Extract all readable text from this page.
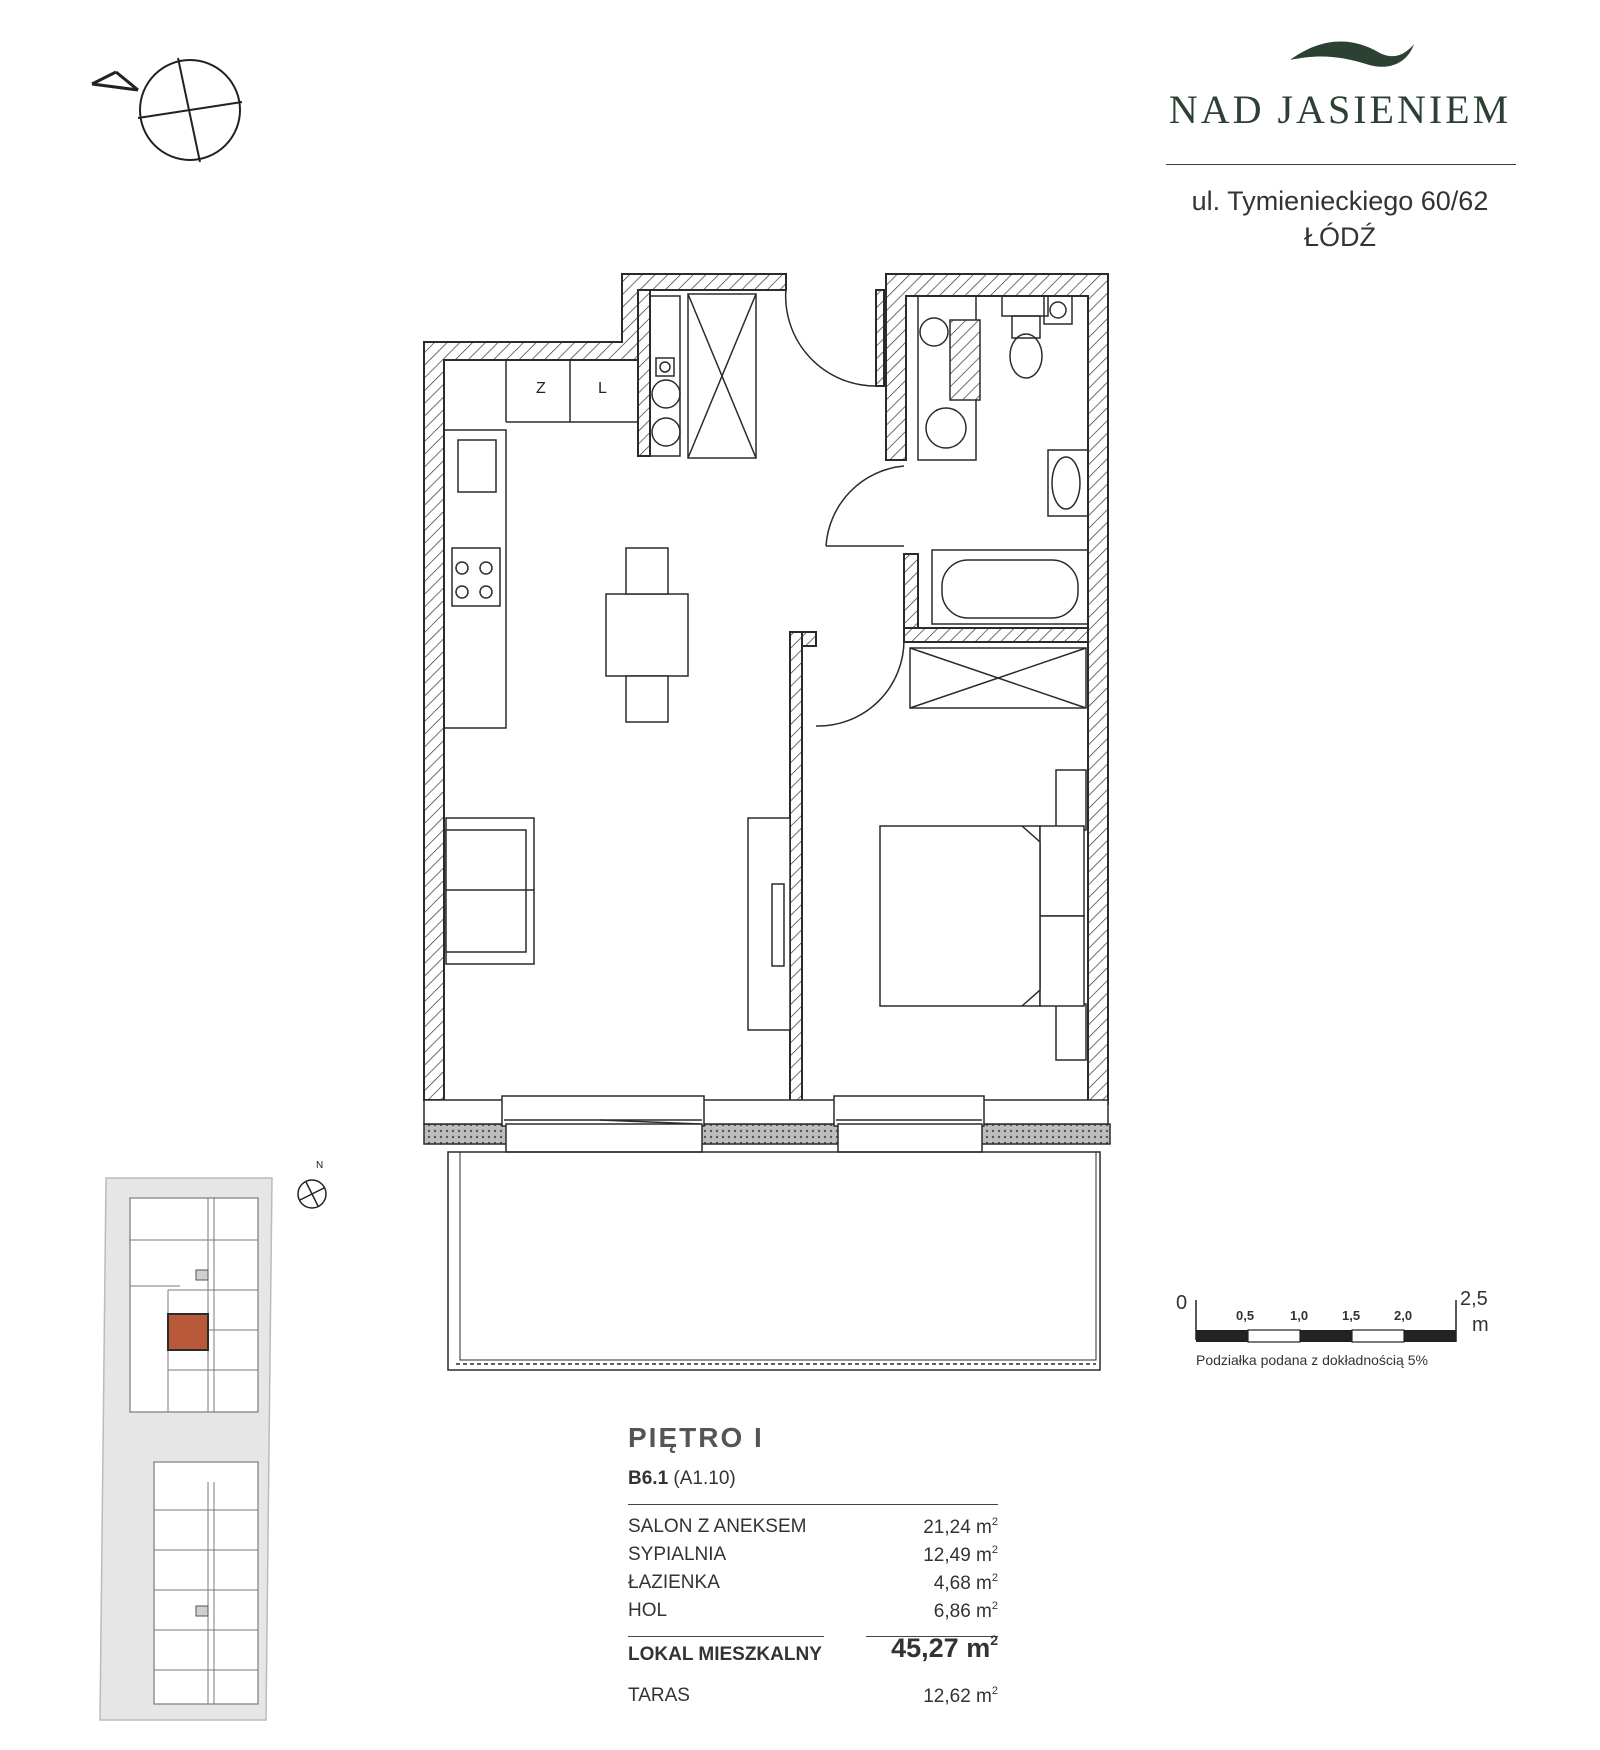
NAD JASIENIEM
ul. Tymienieckiego 60/62
ŁÓDŹ
Z	L
N
0
0,5	1,0	1,5	2,0
2,5
m
Podziałka podana z dokładnością 5%
PIĘTRO I
B6.1 (A1.10)
SALON Z ANEKSEM	21,24 $m^2$
SYPIALNIA	12,49 $m^2$
ŁAZIENKA	4,68 $m^2$
HOL	6,86 $m^2$
LOKAL MIESZKALNY	45,27 $m^2$
TARAS	12,62 $m^2$
